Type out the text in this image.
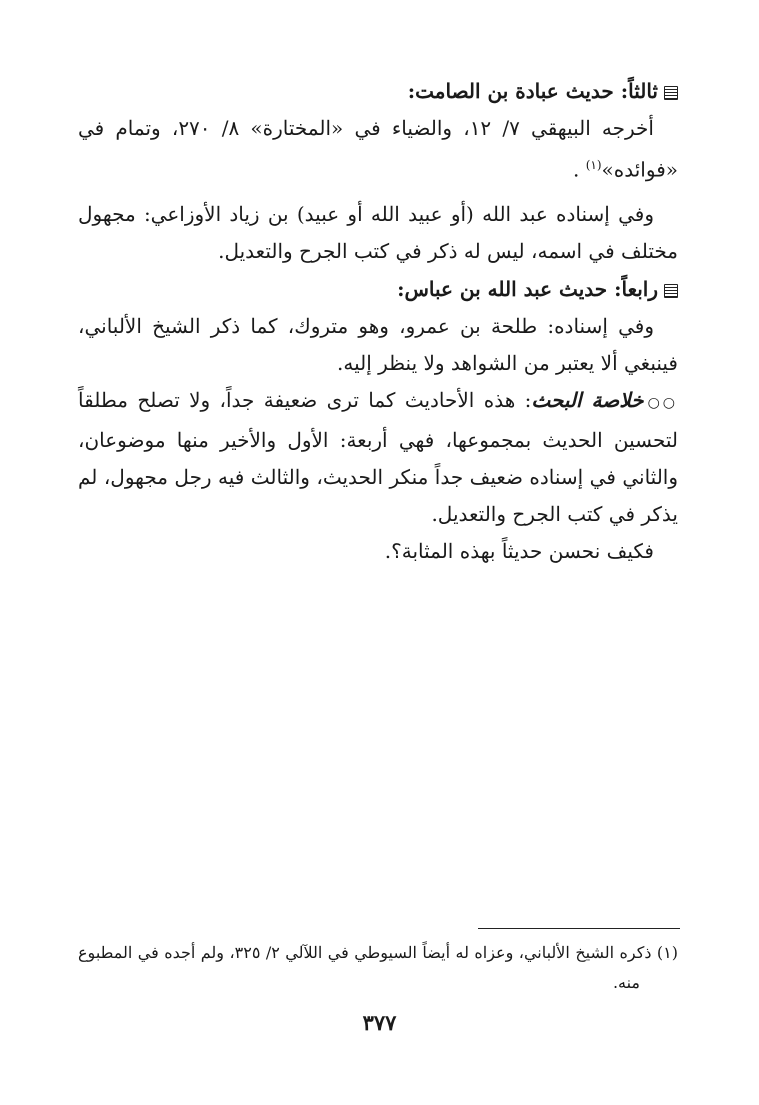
ثالثاً: حديث عبادة بن الصامت:

أخرجه البيهقي ٧/ ١٢، والضياء في «المختارة» ٨/ ٢٧٠، وتمام في «فوائده»$^{(١)}$ .

وفي إسناده عبد الله (أو عبيد الله أو عبيد) بن زياد الأوزاعي: مجهول مختلف في اسمه، ليس له ذكر في كتب الجرح والتعديل.

رابعاً: حديث عبد الله بن عباس:

وفي إسناده: طلحة بن عمرو، وهو متروك، كما ذكر الشيخ الألباني، فينبغي ألا يعتبر من الشواهد ولا ينظر إليه.

○○خلاصة البحث: هذه الأحاديث كما ترى ضعيفة جداً، ولا تصلح مطلقاً لتحسين الحديث بمجموعها، فهي أربعة: الأول والأخير منها موضوعان، والثاني في إسناده ضعيف جداً منكر الحديث، والثالث فيه رجل مجهول، لم يذكر في كتب الجرح والتعديل.

فكيف نحسن حديثاً بهذه المثابة؟.

(١) ذكره الشيخ الألباني، وعزاه له أيضاً السيوطي في اللآلي ٢/ ٣٢٥، ولم أجده في المطبوع منه.

٣٧٧
